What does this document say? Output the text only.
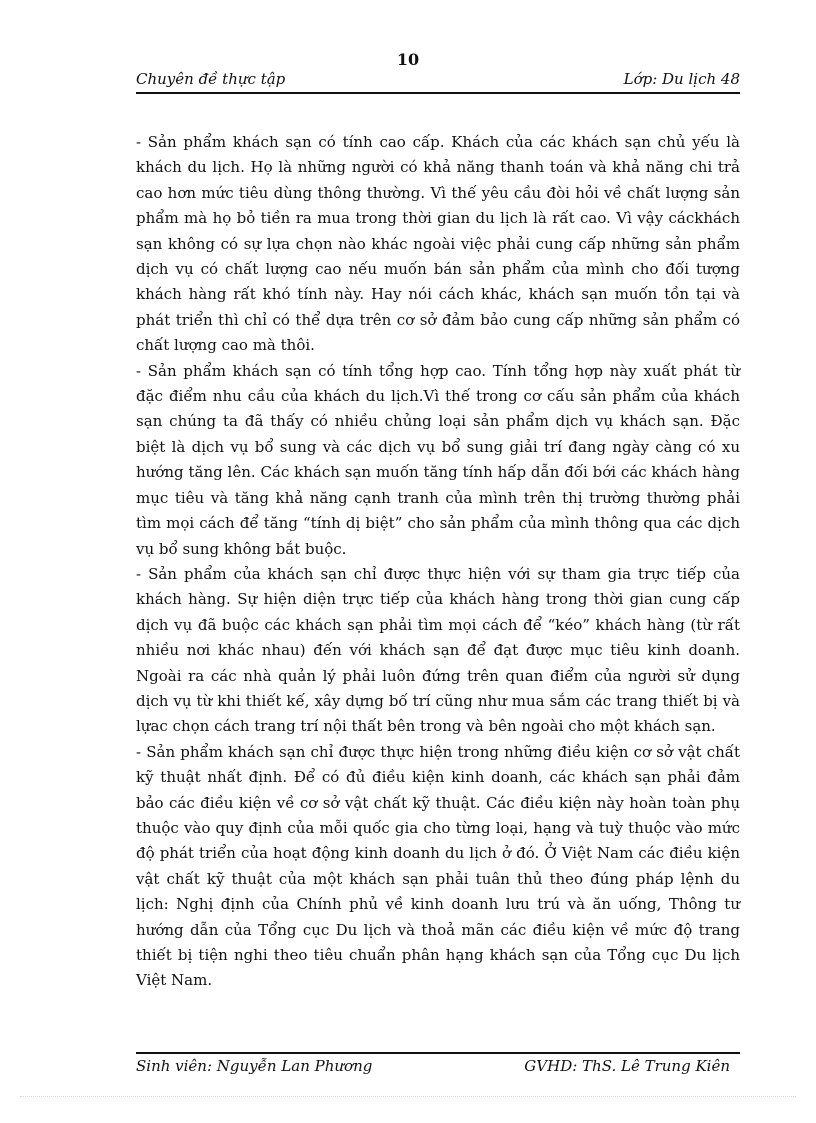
10
Chuyên đề thực tập	Lớp: Du lịch 48

- Sản phẩm khách sạn có tính cao cấp. Khách của các khách sạn chủ yếu là khách du lịch. Họ là những người có khả năng thanh toán và khả năng chi trả cao hơn mức tiêu dùng thông thường. Vì thế yêu cầu đòi hỏi về chất lượng sản phẩm mà họ bỏ tiền ra mua trong thời gian du lịch là rất cao. Vì vậy cáckhách sạn không có sự lựa chọn nào khác ngoài việc phải cung cấp những sản phẩm dịch vụ có chất lượng cao nếu muốn bán sản phẩm của mình cho đối tượng khách hàng rất khó tính này. Hay nói cách khác, khách sạn muốn tồn tại và phát triển thì chỉ có thể dựa trên cơ sở đảm bảo cung cấp những sản phẩm có chất lượng cao mà thôi.

- Sản phẩm khách sạn có tính tổng hợp cao. Tính tổng hợp này xuất phát từ đặc điểm nhu cầu của khách du lịch.Vì thế trong cơ cấu sản phẩm của khách sạn chúng ta đã thấy có nhiều chủng loại sản phẩm dịch vụ khách sạn. Đặc biệt là dịch vụ bổ sung và các dịch vụ bổ sung giải trí đang ngày càng có xu hướng tăng lên. Các khách sạn muốn tăng tính hấp dẫn đối bới các khách hàng mục tiêu và tăng khả năng cạnh tranh của mình trên thị trường thường phải tìm mọi cách để tăng “tính dị biệt” cho sản phẩm của mình thông qua các dịch vụ bổ sung không bắt buộc.

- Sản phẩm của khách sạn chỉ được thực hiện với sự tham gia trực tiếp của khách hàng. Sự hiện diện trực tiếp của khách hàng trong thời gian cung cấp dịch vụ đã buộc các khách sạn phải tìm mọi cách để “kéo” khách hàng (từ rất nhiều nơi khác nhau) đến với khách sạn để đạt được mục tiêu kinh doanh. Ngoài ra các nhà quản lý phải luôn đứng trên quan điểm của người sử dụng dịch vụ từ khi thiết kế, xây dựng bố trí cũng như mua sắm các trang thiết bị và lựac chọn cách trang trí nội thất bên trong và bên ngoài cho một khách sạn.

- Sản phẩm khách sạn chỉ được thực hiện trong những điều kiện cơ sở vật chất kỹ thuật nhất định. Để có đủ điều kiện kinh doanh, các khách sạn phải đảm bảo các điều kiện về cơ sở vật chất kỹ thuật. Các điều kiện này hoàn toàn phụ thuộc vào quy định của mỗi quốc gia cho từng loại, hạng và tuỳ thuộc vào mức độ phát triển của hoạt động kinh doanh du lịch ở đó. Ở Việt Nam các điều kiện vật chất kỹ thuật của một khách sạn phải tuân thủ theo đúng pháp lệnh du lịch: Nghị định của Chính phủ về kinh doanh lưu trú và ăn uống, Thông tư hướng dẫn của Tổng cục Du lịch và thoả mãn các điều kiện về mức độ trang thiết bị tiện nghi theo tiêu chuẩn phân hạng khách sạn của Tổng cục Du lịch Việt Nam.

Sinh viên: Nguyễn Lan Phương	GVHD: ThS. Lê Trung Kiên
